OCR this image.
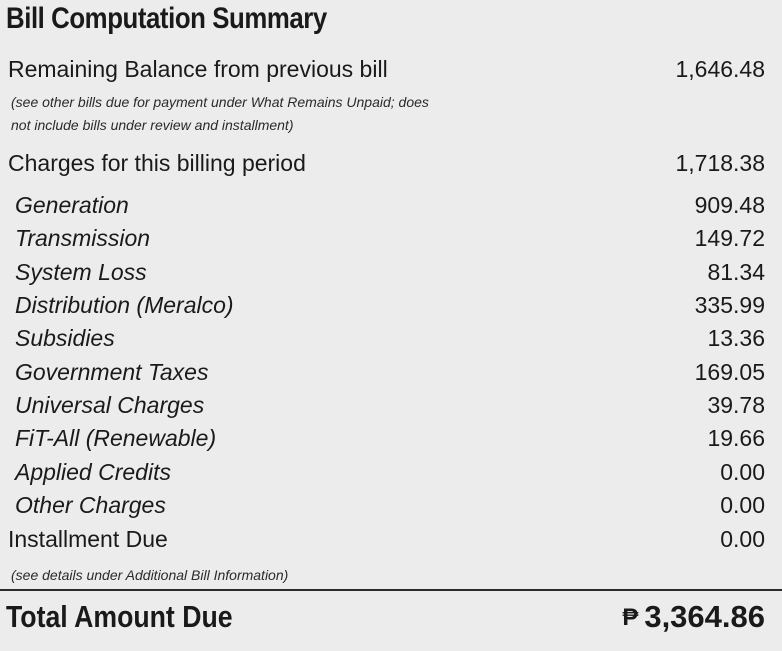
Bill Computation Summary
Remaining Balance from previous bill	1,646.48
(see other bills due for payment under What Remains Unpaid; does
not include bills under review and installment)
Charges for this billing period	1,718.38
Generation	909.48
Transmission	149.72
System Loss	81.34
Distribution (Meralco)	335.99
Subsidies	13.36
Government Taxes	169.05
Universal Charges	39.78
FiT-All (Renewable)	19.66
Applied Credits	0.00
Other Charges	0.00
Installment Due	0.00
(see details under Additional Bill Information)
Total Amount Due	₱ 3,364.86
